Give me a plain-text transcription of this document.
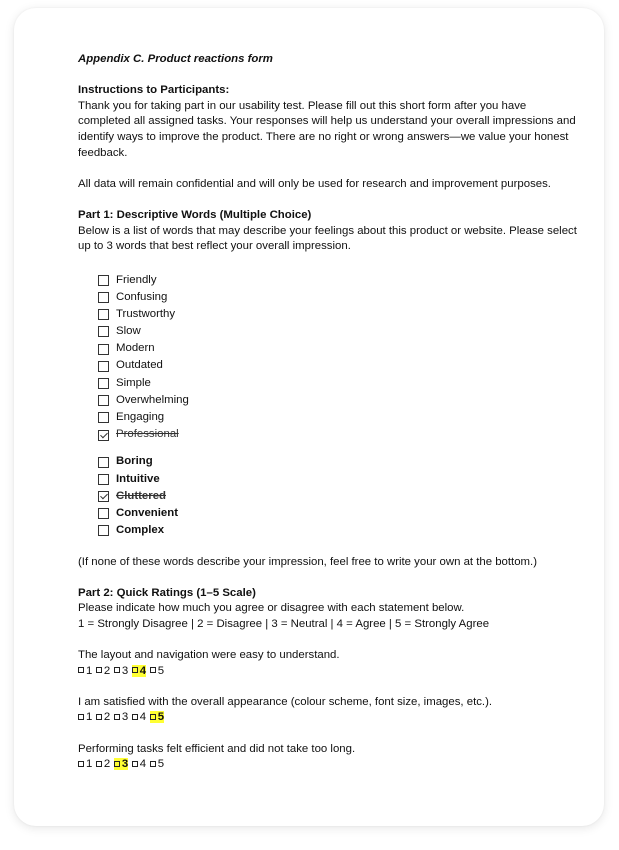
Appendix C. Product reactions form

Instructions to Participants:

Thank you for taking part in our usability test. Please fill out this short form after you have completed all assigned tasks. Your responses will help us understand your overall impressions and identify ways to improve the product. There are no right or wrong answers—we value your honest feedback.

All data will remain confidential and will only be used for research and improvement purposes.

Part 1: Descriptive Words (Multiple Choice)

Below is a list of words that may describe your feelings about this product or website. Please select up to 3 words that best reflect your overall impression.

Friendly
Confusing
Trustworthy
Slow
Modern
Outdated
Simple
Overwhelming
Engaging
Professional
Boring
Intuitive
Cluttered
Convenient
Complex

(If none of these words describe your impression, feel free to write your own at the bottom.)

Part 2: Quick Ratings (1–5 Scale)

Please indicate how much you agree or disagree with each statement below.

1 = Strongly Disagree | 2 = Disagree | 3 = Neutral | 4 = Agree | 5 = Strongly Agree

The layout and navigation were easy to understand.

1 2 3 4 5

I am satisfied with the overall appearance (colour scheme, font size, images, etc.).

1 2 3 4 5

Performing tasks felt efficient and did not take too long.

1 2 3 4 5
